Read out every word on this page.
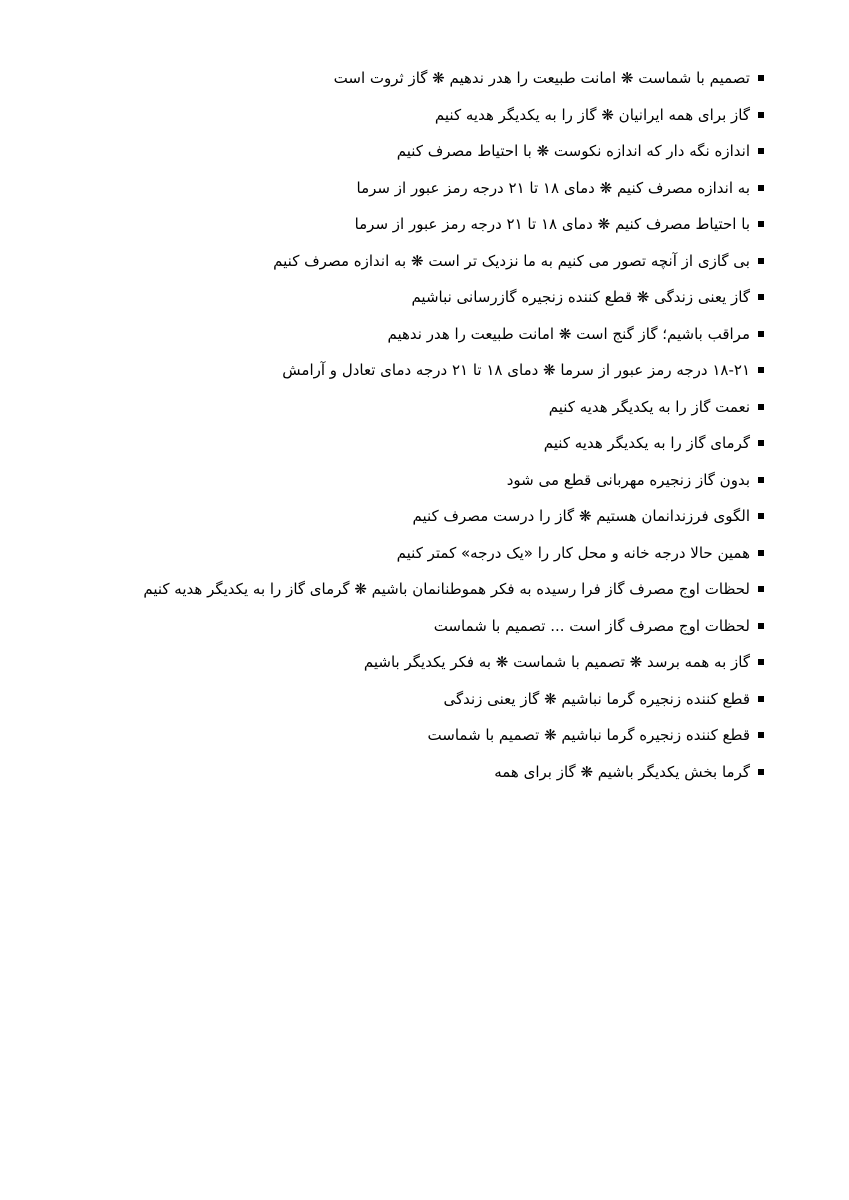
تصمیم با شماست ❋ امانت طبیعت را هدر ندهیم ❋ گاز ثروت است
گاز برای همه ایرانیان ❋ گاز را به یکدیگر هدیه کنیم
اندازه نگه دار که اندازه نکوست ❋ با احتیاط مصرف کنیم
به اندازه مصرف کنیم ❋ دمای ۱۸ تا ۲۱ درجه رمز عبور از سرما
با احتیاط مصرف کنیم ❋ دمای ۱۸ تا ۲۱ درجه رمز عبور از سرما
بی گازی از آنچه تصور می کنیم به ما نزدیک تر است ❋ به اندازه مصرف کنیم
گاز یعنی زندگی ❋ قطع کننده زنجیره گازرسانی نباشیم
مراقب باشیم؛ گاز گنج است ❋ امانت طبیعت را هدر ندهیم
۱۸-۲۱ درجه رمز عبور از سرما ❋ دمای ۱۸ تا ۲۱ درجه دمای تعادل و آرامش
نعمت گاز را به یکدیگر هدیه کنیم
گرمای گاز را به یکدیگر هدیه کنیم
بدون گاز زنجیره مهربانی قطع می شود
الگوی فرزندانمان هستیم ❋ گاز را درست مصرف کنیم
همین حالا درجه خانه و محل کار را «یک درجه» کمتر کنیم
لحظات اوج مصرف گاز فرا رسیده به فکر هموطنانمان باشیم ❋ گرمای گاز را به یکدیگر هدیه کنیم
لحظات اوج مصرف گاز است ... تصمیم با شماست
گاز به همه برسد ❋ تصمیم با شماست ❋ به فکر یکدیگر باشیم
قطع کننده زنجیره گرما نباشیم ❋ گاز یعنی زندگی
قطع کننده زنجیره گرما نباشیم ❋ تصمیم با شماست
گرما بخش یکدیگر باشیم ❋ گاز برای همه
